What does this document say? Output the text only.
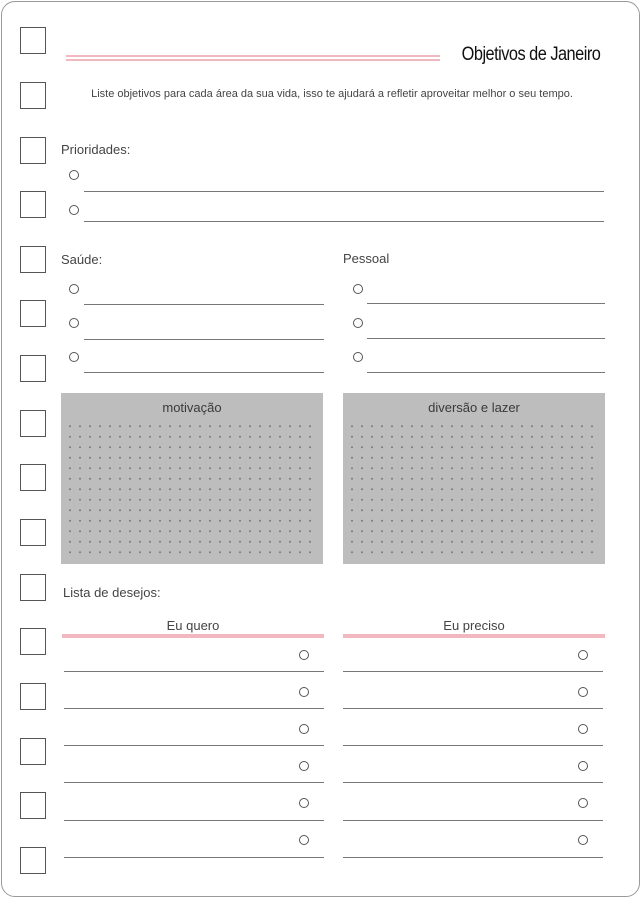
Objetivos de Janeiro
Liste objetivos para cada área da sua vida, isso te ajudará a refletir aproveitar melhor o seu tempo.
Prioridades:
Saúde:	Pessoal
motivação	diversão e lazer
Lista de desejos:
Eu quero	Eu preciso
